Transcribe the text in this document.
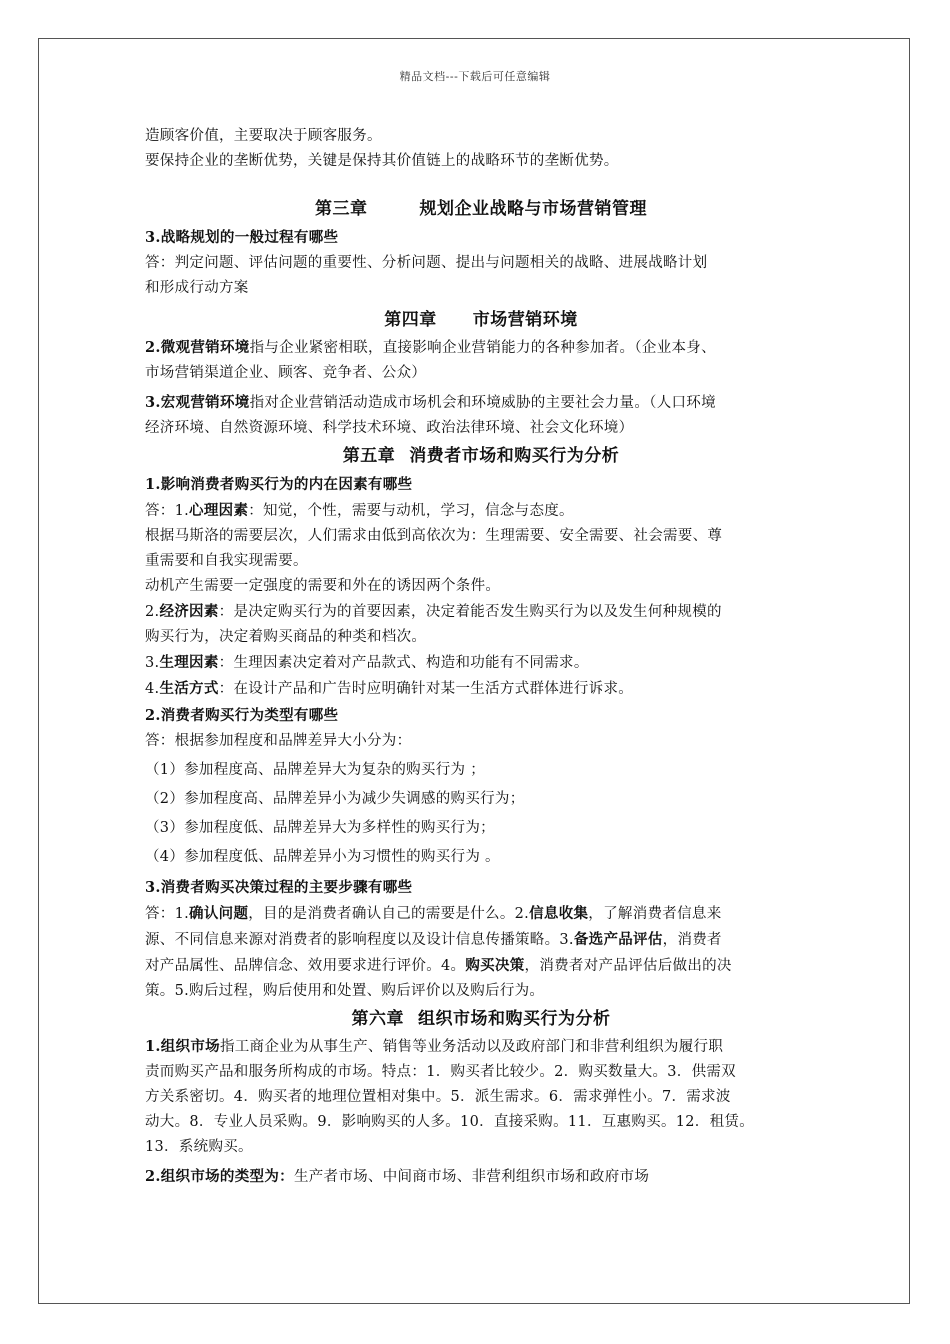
精品文档---下载后可任意编辑

造顾客价值，主要取决于顾客服务。

要保持企业的垄断优势，关键是保持其价值链上的战略环节的垄断优势。

第三章	规划企业战略与市场营销管理

3.战略规划的一般过程有哪些

答：判定问题、评估问题的重要性、分析问题、提出与问题相关的战略、进展战略计划

和形成行动方案

第四章 市场营销环境

2.微观营销环境指与企业紧密相联，直接影响企业营销能力的各种参加者。（企业本身、

市场营销渠道企业、顾客、竞争者、公众）

3.宏观营销环境指对企业营销活动造成市场机会和环境威胁的主要社会力量。（人口环境

经济环境、自然资源环境、科学技术环境、政治法律环境、社会文化环境）

第五章 消费者市场和购买行为分析

1.影响消费者购买行为的内在因素有哪些

答：1.心理因素：知觉，个性，需要与动机，学习，信念与态度。

根据马斯洛的需要层次，人们需求由低到高依次为：生理需要、安全需要、社会需要、尊

重需要和自我实现需要。

动机产生需要一定强度的需要和外在的诱因两个条件。

2.经济因素：是决定购买行为的首要因素，决定着能否发生购买行为以及发生何种规模的

购买行为，决定着购买商品的种类和档次。

3.生理因素：生理因素决定着对产品款式、构造和功能有不同需求。

4.生活方式：在设计产品和广告时应明确针对某一生活方式群体进行诉求。

2.消费者购买行为类型有哪些

答：根据参加程度和品牌差异大小分为：

（1）参加程度高、品牌差异大为复杂的购买行为 ；

（2）参加程度高、品牌差异小为减少失调感的购买行为；

（3）参加程度低、品牌差异大为多样性的购买行为；

（4）参加程度低、品牌差异小为习惯性的购买行为 。

3.消费者购买决策过程的主要步骤有哪些

答：1.确认问题，目的是消费者确认自己的需要是什么。2.信息收集，了解消费者信息来

源、不同信息来源对消费者的影响程度以及设计信息传播策略。3.备选产品评估，消费者

对产品属性、品牌信念、效用要求进行评价。4。购买决策，消费者对产品评估后做出的决

策。5.购后过程，购后使用和处置、购后评价以及购后行为。

第六章 组织市场和购买行为分析

1.组织市场指工商企业为从事生产、销售等业务活动以及政府部门和非营利组织为履行职

责而购买产品和服务所构成的市场。特点：1．购买者比较少。2．购买数量大。3．供需双

方关系密切。4．购买者的地理位置相对集中。5．派生需求。6．需求弹性小。7．需求波

动大。8．专业人员采购。9．影响购买的人多。10．直接采购。11．互惠购买。12．租赁。

13．系统购买。

2.组织市场的类型为：生产者市场、中间商市场、非营利组织市场和政府市场
